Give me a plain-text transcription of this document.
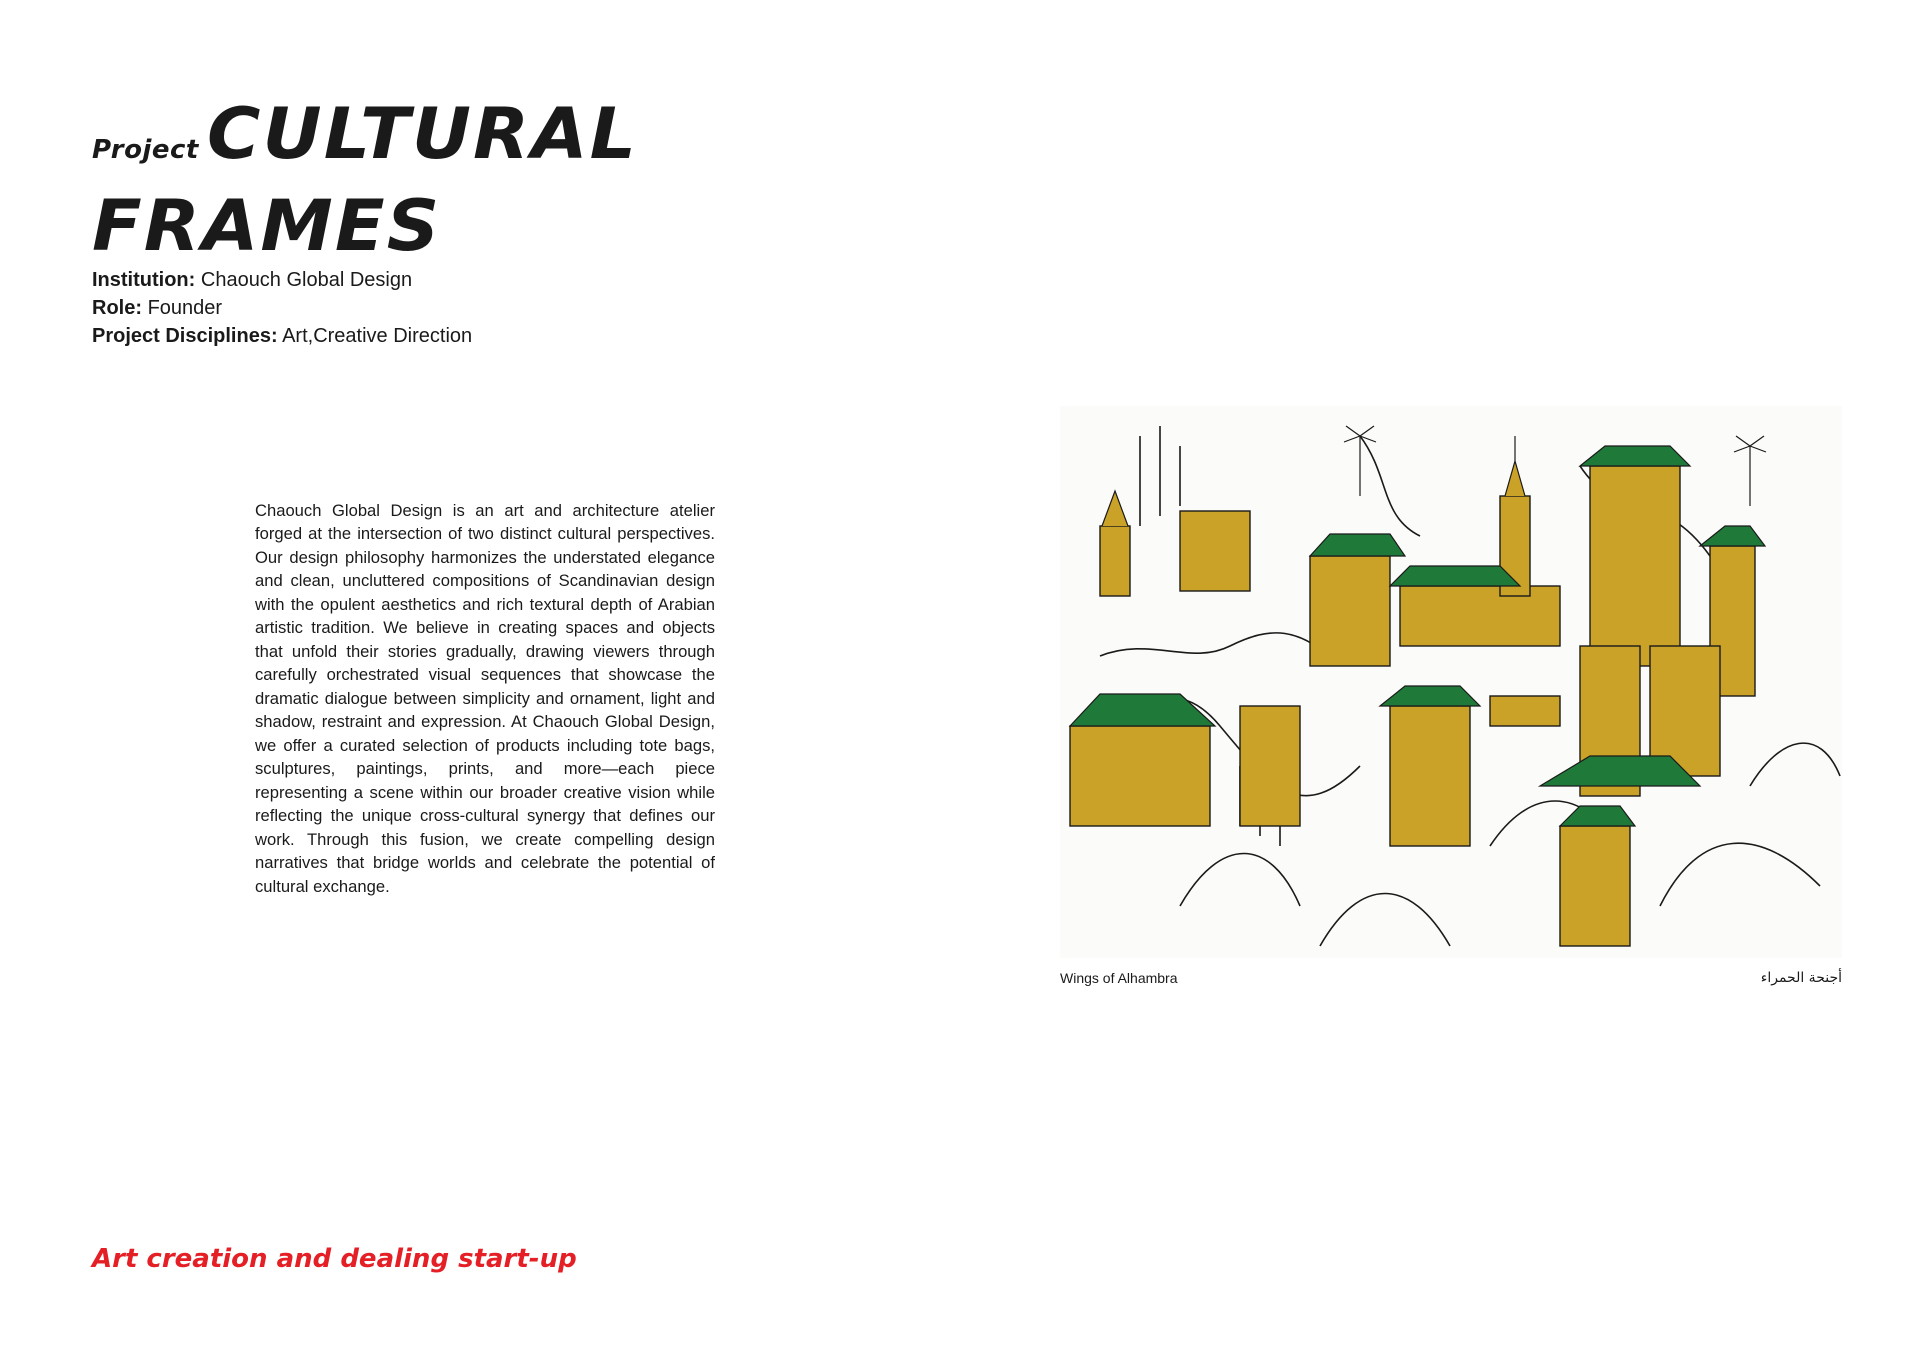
Project CULTURAL
FRAMES
Institution: Chaouch Global Design
Role: Founder
Project Disciplines: Art,Creative Direction

Chaouch Global Design is an art and architecture atelier forged at the intersection of two distinct cultural perspectives. Our design philosophy harmonizes the understated elegance and clean, uncluttered compositions of Scandinavian design with the opulent aesthetics and rich textural depth of Arabian artistic tradition. We believe in creating spaces and objects that unfold their stories gradually, drawing viewers through carefully orchestrated visual sequences that showcase the dramatic dialogue between simplicity and ornament, light and shadow, restraint and expression. At Chaouch Global Design, we offer a curated selection of products including tote bags, sculptures, paintings, prints, and more—each piece representing a scene within our broader creative vision while reflecting the unique cross-cultural synergy that defines our work. Through this fusion, we create compelling design narratives that bridge worlds and celebrate the potential of cultural exchange.

Wings of Alhambra	أجنحة الحمراء
Art creation and dealing start-up
